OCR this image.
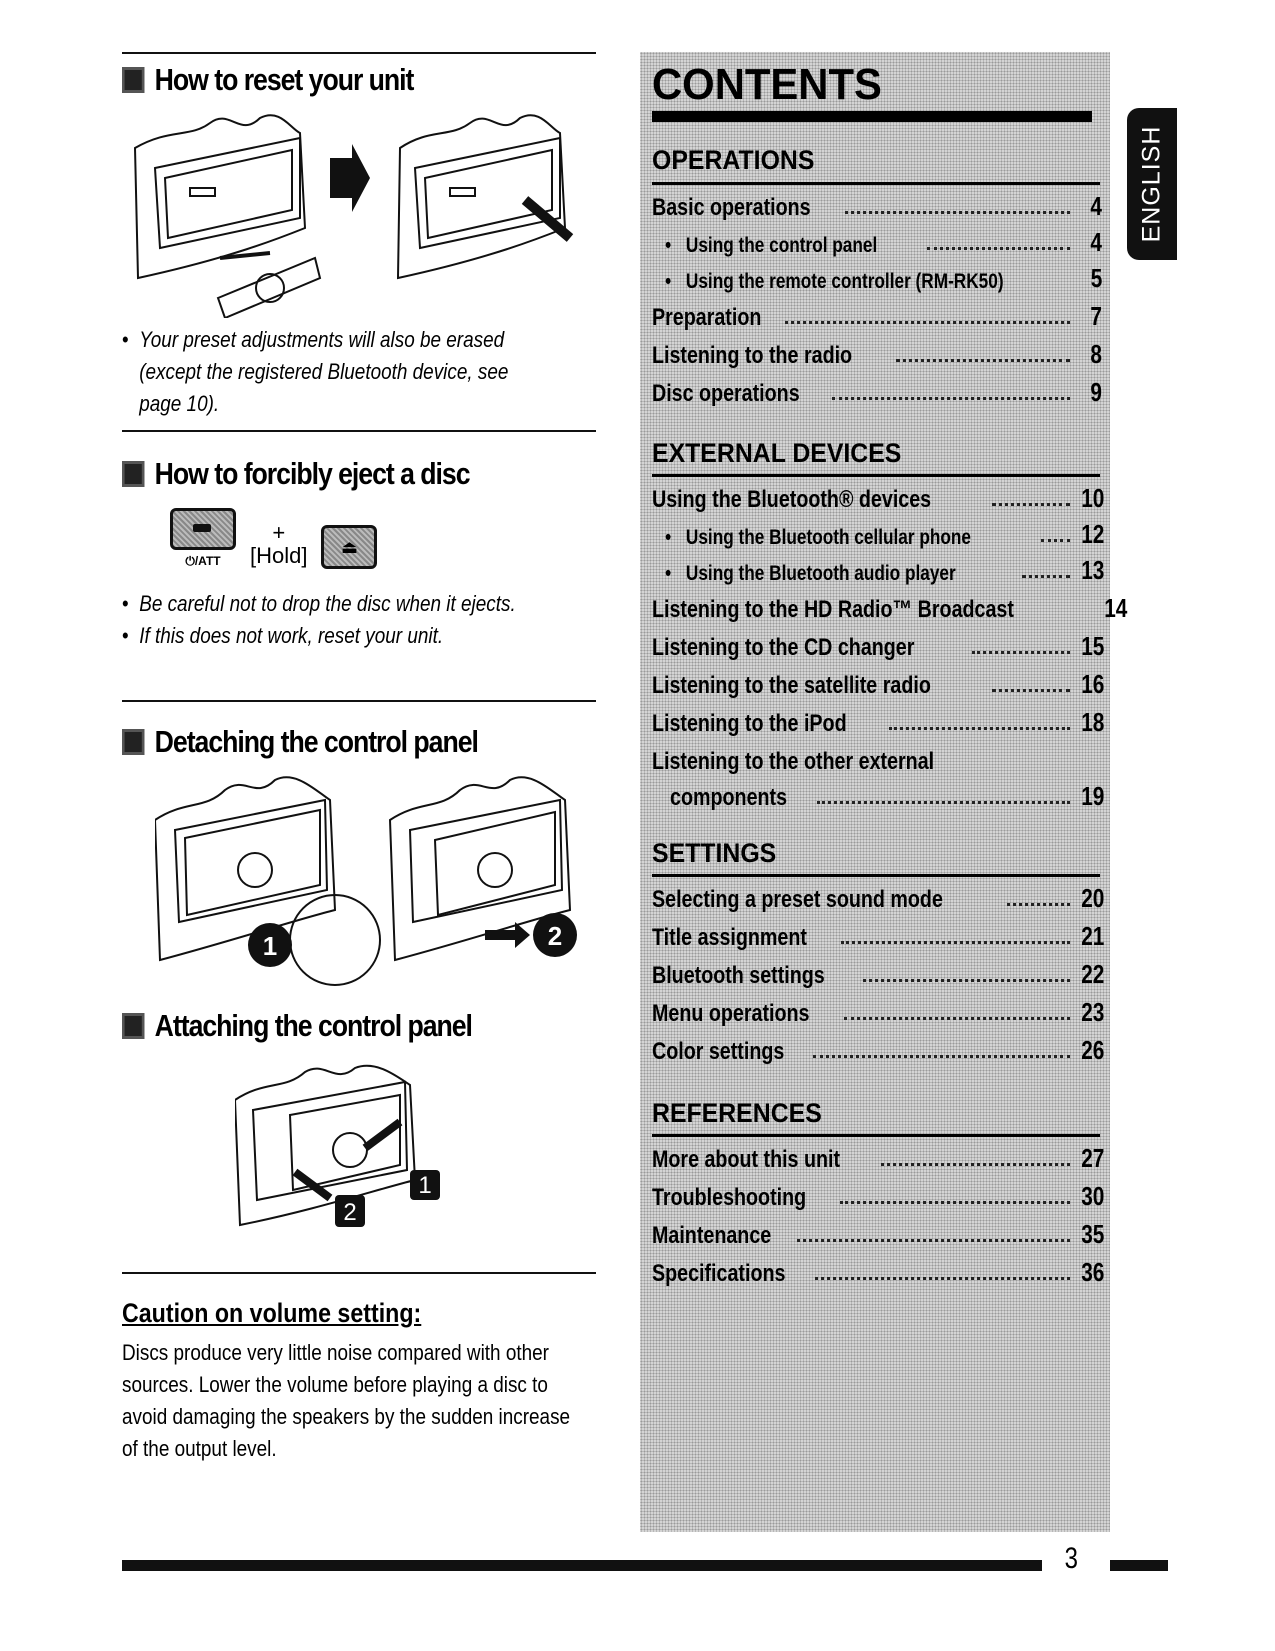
How to reset your unit
• Your preset adjustments will also be erased (except the registered Bluetooth device, see page 10).
How to forcibly eject a disc
⏻/ATT
+
[Hold] ⏏
• Be careful not to drop the disc when it ejects.
• If this does not work, reset your unit.
Detaching the control panel
1	2
Attaching the control panel
1
2
Caution on volume setting:
Discs produce very little noise compared with other sources. Lower the volume before playing a disc to avoid damaging the speakers by the sudden increase of the output level.
CONTENTS
OPERATIONS
Basic operations	4
• Using the control panel	4
• Using the remote controller (RM-RK50)	5
Preparation	7
Listening to the radio	8
Disc operations	9
EXTERNAL DEVICES
Using the Bluetooth® devices	10
• Using the Bluetooth cellular phone	12
• Using the Bluetooth audio player	13
Listening to the HD Radio™ Broadcast	14
Listening to the CD changer	15
Listening to the satellite radio	16
Listening to the iPod	18
Listening to the other external
components	19
SETTINGS
Selecting a preset sound mode	20
Title assignment	21
Bluetooth settings	22
Menu operations	23
Color settings	26
REFERENCES
More about this unit	27
Troubleshooting	30
Maintenance	35
Specifications	36
ENGLISH
3
